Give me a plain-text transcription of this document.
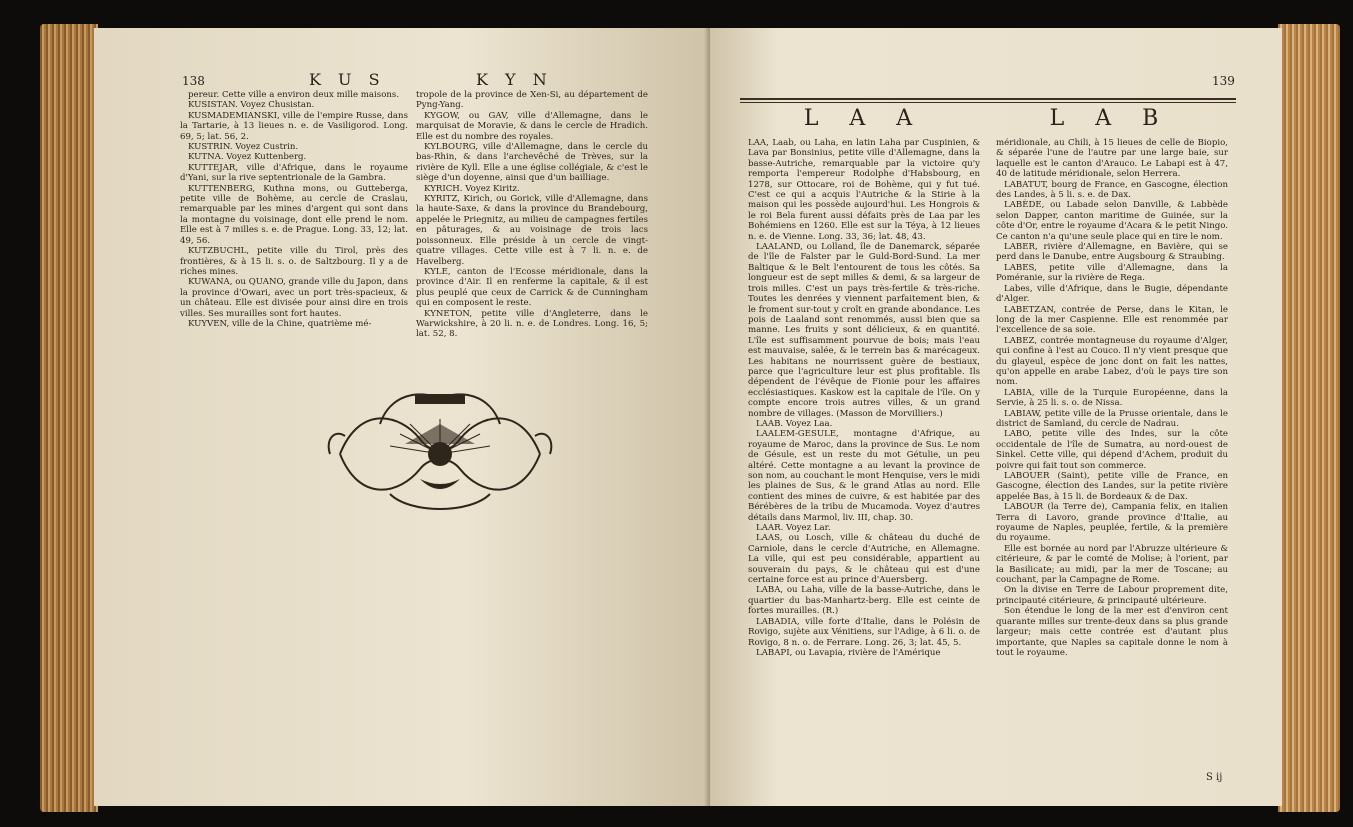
138	K U S	K Y N

pereur. Cette ville a environ deux mille maisons.

KUSISTAN. Voyez Chusistan.

KUSMADEMIANSKI, ville de l'empire Russe, dans la Tartarie, à 13 lieues n. e. de Vasiligorod. Long. 69, 5; lat. 56, 2.

KUSTRIN. Voyez Custrin.

KUTNA. Voyez Kuttenberg.

KUTTEJAR, ville d'Afrique, dans le royaume d'Yani, sur la rive septentrionale de la Gambra.

KUTTENBERG, Kuthna mons, ou Gutteberga, petite ville de Bohème, au cercle de Craslau, remarquable par les mines d'argent qui sont dans la montagne du voisinage, dont elle prend le nom. Elle est à 7 milles s. e. de Prague. Long. 33, 12; lat. 49, 56.

KUTZBUCHL, petite ville du Tirol, près des frontières, & à 15 li. s. o. de Saltzbourg. Il y a de riches mines.

KUWANA, ou QUANO, grande ville du Japon, dans la province d'Owari, avec un port très-spacieux, & un château. Elle est divisée pour ainsi dire en trois villes. Ses murailles sont fort hautes.

KUYVEN, ville de la Chine, quatrième mé-

tropole de la province de Xen-Si, au département de Pyng-Yang.

KYGOW, ou GAV, ville d'Allemagne, dans le marquisat de Moravie, & dans le cercle de Hradich. Elle est du nombre des royales.

KYLBOURG, ville d'Allemagne, dans le cercle du bas-Rhin, & dans l'archevêché de Trèves, sur la rivière de Kyll. Elle a une église collégiale, & c'est le siège d'un doyenne, ainsi que d'un bailliage.

KYRICH. Voyez Kiritz.

KYRITZ, Kirich, ou Gorick, ville d'Allemagne, dans la haute-Saxe, & dans la province du Brandebourg, appelée le Priegnitz, au milieu de campagnes fertiles en pâturages, & au voisinage de trois lacs poissonneux. Elle préside à un cercle de vingt-quatre villages. Cette ville est à 7 li. n. e. de Havelberg.

KYLE, canton de l'Ecosse méridionale, dans la province d'Air. Il en renferme la capitale, & il est plus peuplé que ceux de Carrick & de Cunningham qui en composent le reste.

KYNETON, petite ville d'Angleterre, dans le Warwickshire, à 20 li. n. e. de Londres. Long. 16, 5; lat. 52, 8.

139
L A A	L A B

LAA, Laab, ou Laha, en latin Laha par Cuspinien, & Lava par Bonsinius, petite ville d'Allemagne, dans la basse-Autriche, remarquable par la victoire qu'y remporta l'empereur Rodolphe d'Habsbourg, en 1278, sur Ottocare, roi de Bohème, qui y fut tué. C'est ce qui a acquis l'Autriche & la Stirie à la maison qui les possède aujourd'hui. Les Hongrois & le roi Bela furent aussi défaits près de Laa par les Bohémiens en 1260. Elle est sur la Téya, à 12 lieues n. e. de Vienne. Long. 33, 36; lat. 48, 43.

LAALAND, ou Lolland, île de Danemarck, séparée de l'île de Falster par le Guld-Bord-Sund. La mer Baltique & le Belt l'entourent de tous les côtés. Sa longueur est de sept milles & demi, & sa largeur de trois milles. C'est un pays très-fertile & très-riche. Toutes les denrées y viennent parfaitement bien, & le froment sur-tout y croît en grande abondance. Les pois de Laaland sont renommés, aussi bien que sa manne. Les fruits y sont délicieux, & en quantité. L'île est suffisamment pourvue de bois; mais l'eau est mauvaise, salée, & le terrein bas & marécageux. Les habitans ne nourrissent guère de bestiaux, parce que l'agriculture leur est plus profitable. Ils dépendent de l'évêque de Fionie pour les affaires ecclésiastiques. Kaskow est la capitale de l'île. On y compte encore trois autres villes, & un grand nombre de villages. (Masson de Morvilliers.)

LAAB. Voyez Laa.

LAALEM-GESULE, montagne d'Afrique, au royaume de Maroc, dans la province de Sus. Le nom de Gésule, est un reste du mot Gétulie, un peu altéré. Cette montagne a au levant la province de son nom, au couchant le mont Henquise, vers le midi les plaines de Sus, & le grand Atlas au nord. Elle contient des mines de cuivre, & est habitée par des Bérébères de la tribu de Mucamoda. Voyez d'autres détails dans Marmol, liv. III, chap. 30.

LAAR. Voyez Lar.

LAAS, ou Losch, ville & château du duché de Carniole, dans le cercle d'Autriche, en Allemagne. La ville, qui est peu considérable, appartient au souverain du pays, & le château qui est d'une certaine force est au prince d'Auersberg.

LABA, ou Laha, ville de la basse-Autriche, dans le quartier du bas-Manhartz-berg. Elle est ceinte de fortes murailles. (R.)

LABADIA, ville forte d'Italie, dans le Polésin de Rovigo, sujète aux Vénitiens, sur l'Adige, à 6 li. o. de Rovigo, 8 n. o. de Ferrare. Long. 26, 3; lat. 45, 5.

LABAPI, ou Lavapia, rivière de l'Amérique

méridionale, au Chili, à 15 lieues de celle de Biopio, & séparée l'une de l'autre par une large baie, sur laquelle est le canton d'Arauco. Le Labapi est à 47, 40 de latitude méridionale, selon Herrera.

LABATUT, bourg de France, en Gascogne, élection des Landes, à 5 li. s. e. de Dax.

LABÈDE, ou Labade selon Danville, & Labbède selon Dapper, canton maritime de Guinée, sur la côte d'Or, entre le royaume d'Acara & le petit Ningo. Ce canton n'a qu'une seule place qui en tire le nom.

LABER, rivière d'Allemagne, en Bavière, qui se perd dans le Danube, entre Augsbourg & Straubing.

LABES, petite ville d'Allemagne, dans la Poméranie, sur la rivière de Rega.

Labes, ville d'Afrique, dans le Bugie, dépendante d'Alger.

LABETZAN, contrée de Perse, dans le Kitan, le long de la mer Caspienne. Elle est renommée par l'excellence de sa soie.

LABEZ, contrée montagneuse du royaume d'Alger, qui confine à l'est au Couco. Il n'y vient presque que du glayeul, espèce de jonc dont on fait les nattes, qu'on appelle en arabe Labez, d'où le pays tire son nom.

LABIA, ville de la Turquie Européenne, dans la Servie, à 25 li. s. o. de Nissa.

LABIAW, petite ville de la Prusse orientale, dans le district de Samland, du cercle de Nadrau.

LABO, petite ville des Indes, sur la côte occidentale de l'île de Sumatra, au nord-ouest de Sinkel. Cette ville, qui dépend d'Achem, produit du poivre qui fait tout son commerce.

LABOUER (Saint), petite ville de France, en Gascogne, élection des Landes, sur la petite rivière appelée Bas, à 15 li. de Bordeaux & de Dax.

LABOUR (la Terre de), Campania felix, en italien Terra di Lavoro, grande province d'Italie, au royaume de Naples, peuplée, fertile, & la première du royaume.

Elle est bornée au nord par l'Abruzze ultérieure & citérieure, & par le comté de Molise; à l'orient, par la Basilicate; au midi, par la mer de Toscane; au couchant, par la Campagne de Rome.

On la divise en Terre de Labour proprement dite, principauté citérieure, & principauté ultérieure.

Son étendue le long de la mer est d'environ cent quarante milles sur trente-deux dans sa plus grande largeur; mais cette contrée est d'autant plus importante, que Naples sa capitale donne le nom à tout le royaume.

S ij
